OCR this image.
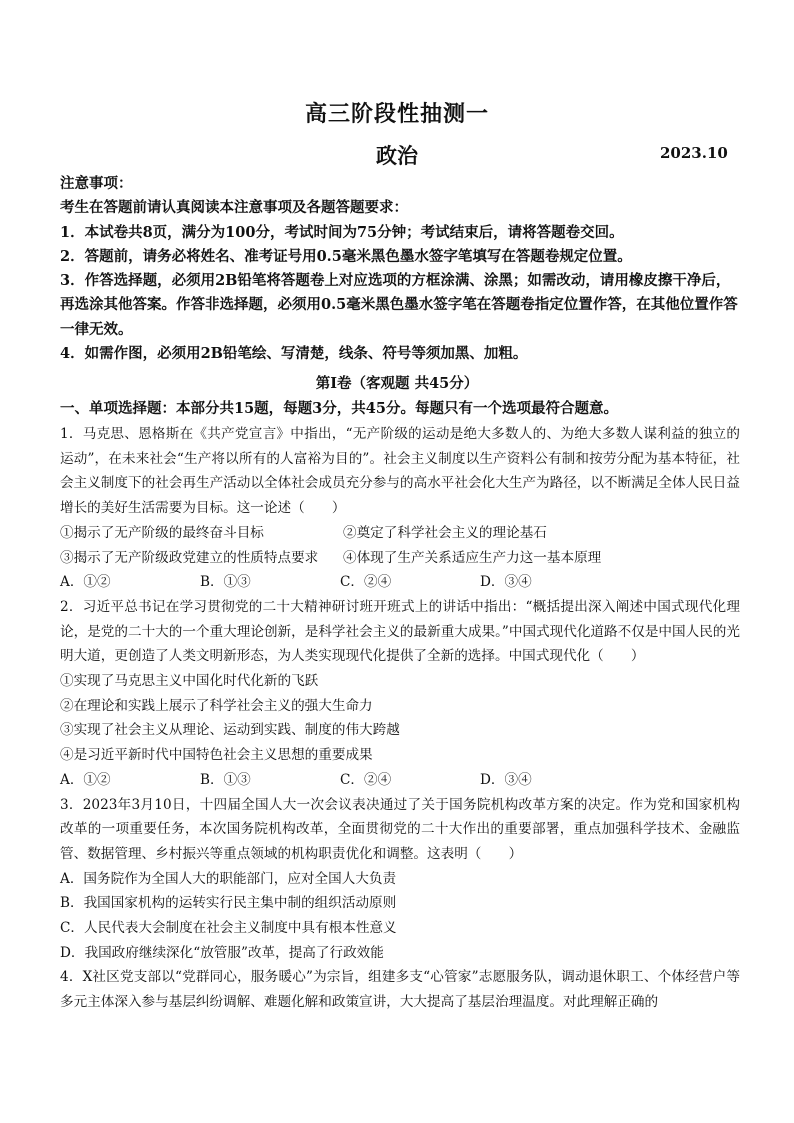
高三阶段性抽测一
政治	2023.10

注意事项：

考生在答题前请认真阅读本注意事项及各题答题要求：

1．本试卷共8页，满分为100分，考试时间为75分钟；考试结束后，请将答题卷交回。

2．答题前，请务必将姓名、准考证号用0.5毫米黑色墨水签字笔填写在答题卷规定位置。

3．作答选择题，必须用2B铅笔将答题卷上对应选项的方框涂满、涂黑；如需改动，请用橡皮擦干净后，再选涂其他答案。作答非选择题，必须用0.5毫米黑色墨水签字笔在答题卷指定位置作答，在其他位置作答一律无效。

4．如需作图，必须用2B铅笔绘、写清楚，线条、符号等须加黑、加粗。

第Ⅰ卷（客观题 共45分）
一、单项选择题：本部分共15题，每题3分，共45分。每题只有一个选项最符合题意。

1．马克思、恩格斯在《共产党宣言》中指出，“无产阶级的运动是绝大多数人的、为绝大多数人谋利益的独立的运动”，在未来社会“生产将以所有的人富裕为目的”。社会主义制度以生产资料公有制和按劳分配为基本特征，社会主义制度下的社会再生产活动以全体社会成员充分参与的高水平社会化大生产为路径，以不断满足全体人民日益增长的美好生活需要为目标。这一论述（　　）

①揭示了无产阶级的最终奋斗目标	②奠定了科学社会主义的理论基石
③揭示了无产阶级政党建立的性质特点要求	④体现了生产关系适应生产力这一基本原理
A．①②	B．①③	C．②④	D．③④

2．习近平总书记在学习贯彻党的二十大精神研讨班开班式上的讲话中指出：“概括提出深入阐述中国式现代化理论，是党的二十大的一个重大理论创新，是科学社会主义的最新重大成果。”中国式现代化道路不仅是中国人民的光明大道，更创造了人类文明新形态，为人类实现现代化提供了全新的选择。中国式现代化（　　）

①实现了马克思主义中国化时代化新的飞跃

②在理论和实践上展示了科学社会主义的强大生命力

③实现了社会主义从理论、运动到实践、制度的伟大跨越

④是习近平新时代中国特色社会主义思想的重要成果

A．①②	B．①③	C．②④	D．③④

3．2023年3月10日，十四届全国人大一次会议表决通过了关于国务院机构改革方案的决定。作为党和国家机构改革的一项重要任务，本次国务院机构改革，全面贯彻党的二十大作出的重要部署，重点加强科学技术、金融监管、数据管理、乡村振兴等重点领域的机构职责优化和调整。这表明（　　）

A．国务院作为全国人大的职能部门，应对全国人大负责

B．我国国家机构的运转实行民主集中制的组织活动原则

C．人民代表大会制度在社会主义制度中具有根本性意义

D．我国政府继续深化“放管服”改革，提高了行政效能

4．X社区党支部以“党群同心，服务暖心”为宗旨，组建多支“心管家”志愿服务队，调动退休职工、个体经营户等多元主体深入参与基层纠纷调解、难题化解和政策宣讲，大大提高了基层治理温度。对此理解正确的
